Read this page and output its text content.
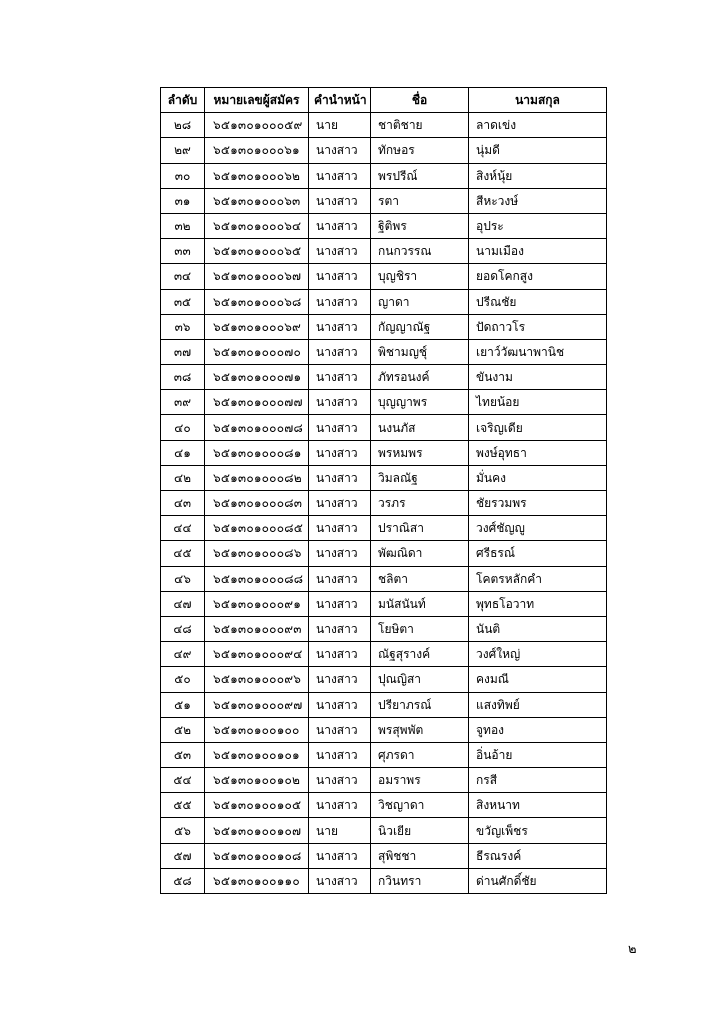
ลำดับ	หมายเลขผู้สมัคร	คำนำหน้า	ชื่อ	นามสกุล
๒๘	๖๕๑๓๐๑๐๐๐๕๙	นาย	ชาติชาย	ลาดเข่ง
๒๙	๖๕๑๓๐๑๐๐๐๖๑	นางสาว	ทักษอร	นุ่มดี
๓๐	๖๕๑๓๐๑๐๐๐๖๒	นางสาว	พรปรีณ์	สิงห์นุ้ย
๓๑	๖๕๑๓๐๑๐๐๐๖๓	นางสาว	รตา	สีหะวงษ์
๓๒	๖๕๑๓๐๑๐๐๐๖๔	นางสาว	ฐิติพร	อุประ
๓๓	๖๕๑๓๐๑๐๐๐๖๕	นางสาว	กนกวรรณ	นามเมือง
๓๔	๖๕๑๓๐๑๐๐๐๖๗	นางสาว	บุญชิรา	ยอดโคกสูง
๓๕	๖๕๑๓๐๑๐๐๐๖๘	นางสาว	ญาดา	ปรีณชัย
๓๖	๖๕๑๓๐๑๐๐๐๖๙	นางสาว	กัญญาณัฐ	ปัดถาวโร
๓๗	๖๕๑๓๐๑๐๐๐๗๐	นางสาว	พิชามญชุ์	เยาว์วัฒนาพานิช
๓๘	๖๕๑๓๐๑๐๐๐๗๑	นางสาว	ภัทรอนงค์	ขันงาม
๓๙	๖๕๑๓๐๑๐๐๐๗๗	นางสาว	บุญญาพร	ไทยน้อย
๔๐	๖๕๑๓๐๑๐๐๐๗๘	นางสาว	นงนภัส	เจริญเดีย
๔๑	๖๕๑๓๐๑๐๐๐๘๑	นางสาว	พรหมพร	พงษ์อุทธา
๔๒	๖๕๑๓๐๑๐๐๐๘๒	นางสาว	วิมลณัฐ	มั่นคง
๔๓	๖๕๑๓๐๑๐๐๐๘๓	นางสาว	วรภร	ชัยรวมพร
๔๔	๖๕๑๓๐๑๐๐๐๘๕	นางสาว	ปราณิสา	วงศ์ชัญญู
๔๕	๖๕๑๓๐๑๐๐๐๘๖	นางสาว	พัฒณิดา	ศรีธรณ์
๔๖	๖๕๑๓๐๑๐๐๐๘๘	นางสาว	ชลิตา	โคตรหลักคำ
๔๗	๖๕๑๓๐๑๐๐๐๙๑	นางสาว	มนัสนันท์	พุทธโอวาท
๔๘	๖๕๑๓๐๑๐๐๐๙๓	นางสาว	โยษิตา	นันติ
๔๙	๖๕๑๓๐๑๐๐๐๙๔	นางสาว	ณัฐสุรางค์	วงศ์ใหญ่
๕๐	๖๕๑๓๐๑๐๐๐๙๖	นางสาว	ปุณญิสา	คงมณี
๕๑	๖๕๑๓๐๑๐๐๐๙๗	นางสาว	ปรียาภรณ์	แสงทิพย์
๕๒	๖๕๑๓๐๑๐๐๑๐๐	นางสาว	พรสุพพัต	จูทอง
๕๓	๖๕๑๓๐๑๐๐๑๐๑	นางสาว	ศุภรดา	อิ่นอ้าย
๕๔	๖๕๑๓๐๑๐๐๑๐๒	นางสาว	อมราพร	กรสี
๕๕	๖๕๑๓๐๑๐๐๑๐๕	นางสาว	วิชญาดา	สิงหนาท
๕๖	๖๕๑๓๐๑๐๐๑๐๗	นาย	นิวเยีย	ขวัญเพ็ชร
๕๗	๖๕๑๓๐๑๐๐๑๐๘	นางสาว	สุพิชชา	ธีรณรงค์
๕๘	๖๕๑๓๐๑๐๐๑๑๐	นางสาว	กวินทรา	ด่านศักดิ์ชัย
๒
